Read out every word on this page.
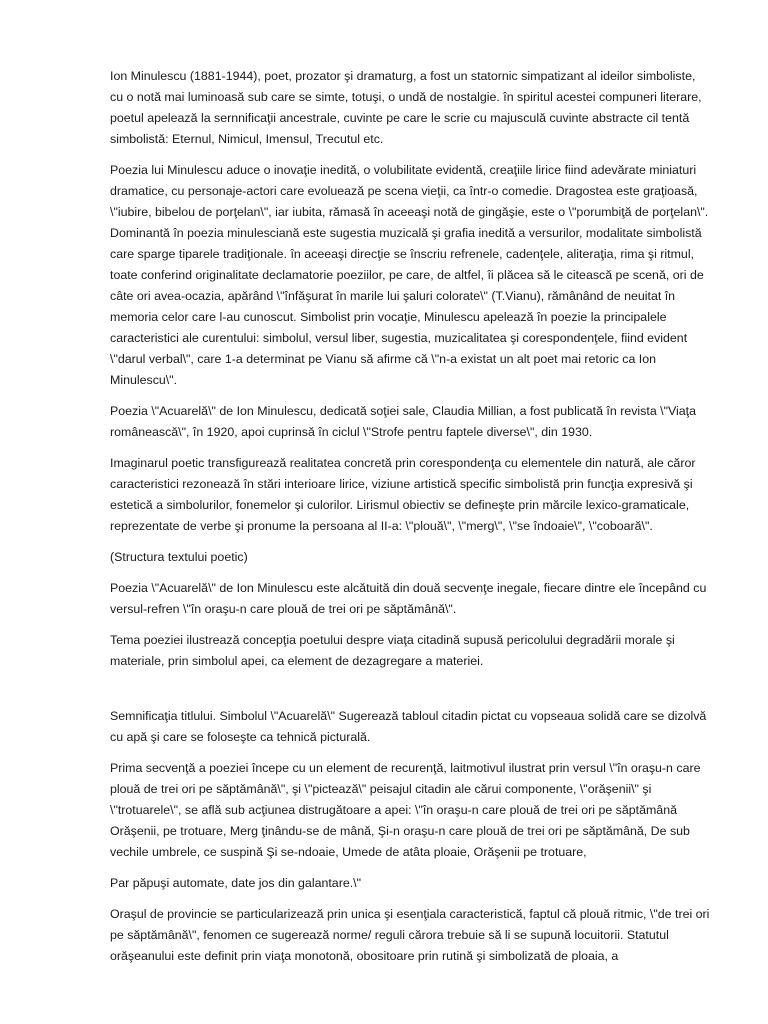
Ion Minulescu (1881-1944), poet, prozator şi dramaturg, a fost un statornic simpatizant al ideilor simboliste, cu o notă mai luminoasă sub care se simte, totuşi, o undă de nostalgie. în spiritul acestei compuneri literare, poetul apelează la sernnificaţii ancestrale, cuvinte pe care le scrie cu majusculă cuvinte abstracte cil tentă simbolistă: Eternul, Nimicul, Imensul, Trecutul etc.

Poezia lui Minulescu aduce o inovaţie inedită, o volubilitate evidentă, creaţiile lirice fiind adevărate miniaturi dramatice, cu personaje-actori care evoluează pe scena vieţii, ca într-o comedie. Dragostea este graţioasă, \"iubire, bibelou de porţelan\", iar iubita, rămasă în aceeaşi notă de gingăşie, este o \"porumbiţă de porţelan\". Dominantă în poezia minulesciană este sugestia muzicală şi grafia inedită a versurilor, modalitate simbolistă care sparge tiparele tradiţionale. în aceeaşi direcţie se înscriu refrenele, cadenţele, aliteraţia, rima şi ritmul, toate conferind originalitate declamatorie poeziilor, pe care, de altfel, îi plăcea să le citească pe scenă, ori de câte ori avea-ocazia, apărând \"înfăşurat în marile lui şaluri colorate\" (T.Vianu), rămânând de neuitat în memoria celor care l-au cunoscut. Simbolist prin vocaţie, Minulescu apelează în poezie la principalele caracteristici ale curentului: simbolul, versul liber, sugestia, muzicalitatea şi corespondenţele, fiind evident \"darul verbal\", care 1-a determinat pe Vianu să afirme că \"n-a existat un alt poet mai retoric ca Ion Minulescu\".

Poezia \"Acuarelă\" de Ion Minulescu, dedicată soţiei sale, Claudia Millian, a fost publicată în revista \"Viaţa românească\", în 1920, apoi cuprinsă în ciclul \"Strofe pentru faptele diverse\", din 1930.

Imaginarul poetic transfigurează realitatea concretă prin corespondenţa cu elementele din natură, ale căror caracteristici rezonează în stări interioare lirice, viziune artistică specific simbolistă prin funcţia expresivă şi estetică a simbolurilor, fonemelor şi culorilor. Lirismul obiectiv se defineşte prin mărcile lexico-gramaticale, reprezentate de verbe şi pronume la persoana al II-a: \"plouă\", \"merg\", \"se îndoaie\", \"coboară\".

(Structura textului poetic)

Poezia \"Acuarelă\" de Ion Minulescu este alcătuită din două secvenţe inegale, fiecare dintre ele începând cu versul-refren \"în oraşu-n care plouă de trei ori pe săptămână\".

Tema poeziei ilustrează concepţia poetului despre viaţa citadină supusă pericolului degradării morale şi materiale, prin simbolul apei, ca element de dezagregare a materiei.

Semnificaţia titlului. Simbolul \"Acuarelă\" Sugerează tabloul citadin pictat cu vopseaua solidă care se dizolvă cu apă şi care se foloseşte ca tehnică picturală.

Prima secvenţă a poeziei începe cu un element de recurenţă, laitmotivul ilustrat prin versul \"în oraşu-n care plouă de trei ori pe săptămână\", şi \"pictează\" peisajul citadin ale cărui componente, \"orăşenii\" şi \"trotuarele\", se află sub acţiunea distrugătoare a apei: \"în oraşu-n care plouă de trei ori pe săptămână Orăşenii, pe trotuare, Merg ţinându-se de mână, Şi-n oraşu-n care plouă de trei ori pe săptămână, De sub vechile umbrele, ce suspină Şi se-ndoaie, Umede de atâta ploaie, Orăşenii pe trotuare,

Par păpuşi automate, date jos din galantare.\"

Oraşul de provincie se particularizează prin unica şi esenţiala caracteristică, faptul că plouă ritmic, \"de trei ori pe săptămână\", fenomen ce sugerează norme/ reguli cărora trebuie să li se supună locuitorii. Statutul orăşeanului este definit prin viaţa monotonă, obositoare prin rutină şi simbolizată de ploaia, a
